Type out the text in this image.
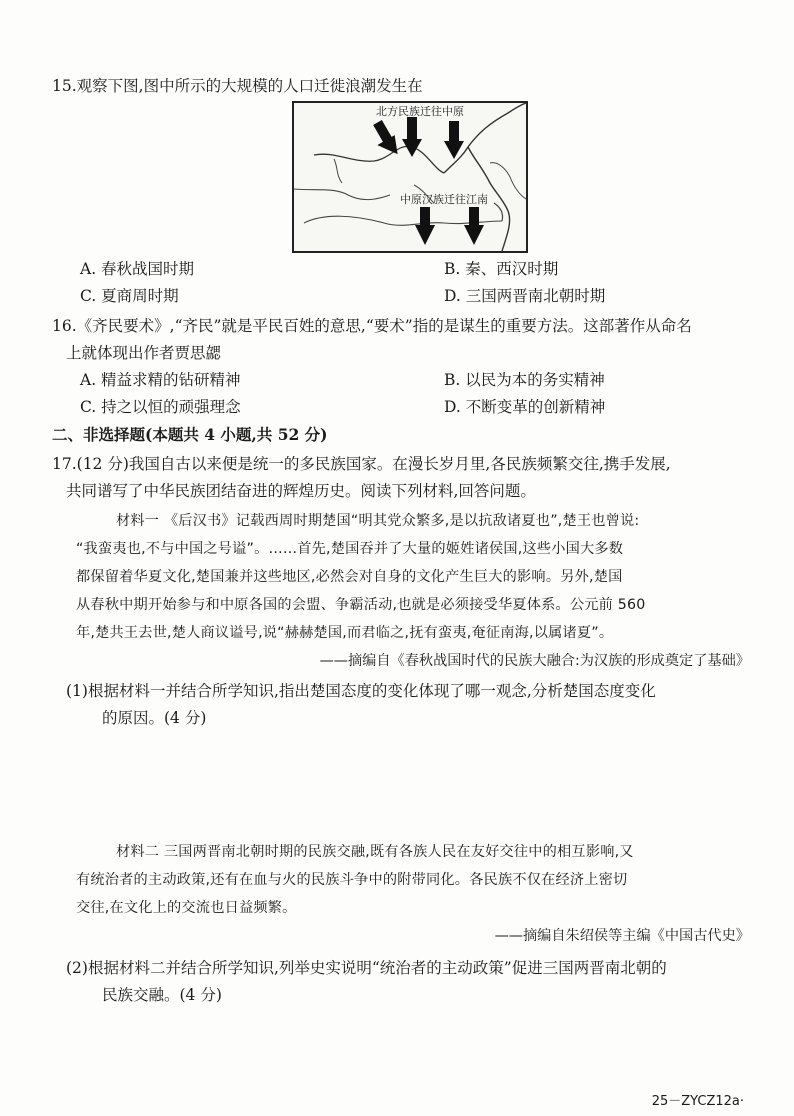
15.观察下图,图中所示的大规模的人口迁徙浪潮发生在
北方民族迁往中原
中原汉族迁往江南
A. 春秋战国时期	B. 秦、西汉时期
C. 夏商周时期	D. 三国两晋南北朝时期
16.《齐民要术》,“齐民”就是平民百姓的意思,“要术”指的是谋生的重要方法。这部著作从命名
上就体现出作者贾思勰
A. 精益求精的钻研精神	B. 以民为本的务实精神
C. 持之以恒的顽强理念	D. 不断变革的创新精神
二、非选择题(本题共 4 小题,共 52 分)
17.(12 分)我国自古以来便是统一的多民族国家。在漫长岁月里,各民族频繁交往,携手发展,
共同谱写了中华民族团结奋进的辉煌历史。阅读下列材料,回答问题。
材料一 《后汉书》记载西周时期楚国“明其党众繁多,是以抗敌诸夏也”,楚王也曾说:
“我蛮夷也,不与中国之号谥”。……首先,楚国吞并了大量的姬姓诸侯国,这些小国大多数
都保留着华夏文化,楚国兼并这些地区,必然会对自身的文化产生巨大的影响。另外,楚国
从春秋中期开始参与和中原各国的会盟、争霸活动,也就是必须接受华夏体系。公元前 560
年,楚共王去世,楚人商议谥号,说“赫赫楚国,而君临之,抚有蛮夷,奄征南海,以属诸夏”。
——摘编自《春秋战国时代的民族大融合:为汉族的形成奠定了基础》
(1)根据材料一并结合所学知识,指出楚国态度的变化体现了哪一观念,分析楚国态度变化
的原因。(4 分)
材料二 三国两晋南北朝时期的民族交融,既有各族人民在友好交往中的相互影响,又
有统治者的主动政策,还有在血与火的民族斗争中的附带同化。各民族不仅在经济上密切
交往,在文化上的交流也日益频繁。
——摘编自朱绍侯等主编《中国古代史》
(2)根据材料二并结合所学知识,列举史实说明“统治者的主动政策”促进三国两晋南北朝的
民族交融。(4 分)
25－ZYCZ12a·
